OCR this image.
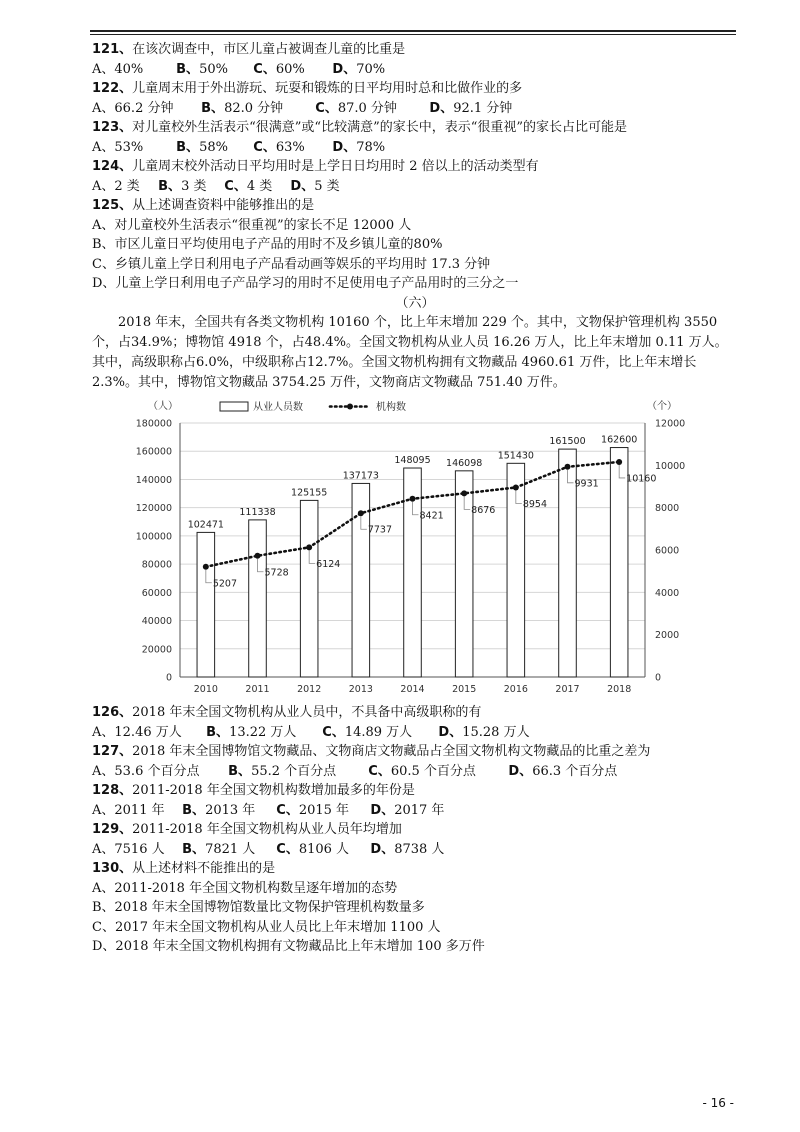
121、在该次调查中，市区儿童占被调查儿童的比重是
A、40%	B、50% C、60% D、70%
122、儿童周末用于外出游玩、玩耍和锻炼的日平均用时总和比做作业的多
A、66.2 分钟 B、82.0 分钟 C、87.0 分钟	D、92.1 分钟
123、对儿童校外生活表示“很满意”或“比较满意”的家长中，表示“很重视”的家长占比可能是
A、53%	B、58% C、63% D、78%
124、儿童周末校外活动日平均用时是上学日日均用时 2 倍以上的活动类型有
A、2 类 B、3 类 C、4 类 D、5 类
125、从上述调查资料中能够推出的是
A、对儿童校外生活表示“很重视”的家长不足 12000 人
B、市区儿童日平均使用电子产品的用时不及乡镇儿童的80%
C、乡镇儿童上学日利用电子产品看动画等娱乐的平均用时 17.3 分钟
D、儿童上学日利用电子产品学习的用时不足使用电子产品用时的三分之一
（六）
2018 年末，全国共有各类文物机构 10160 个，比上年末增加 229 个。其中，文物保护管理机构 3550 个，占34.9%；博物馆 4918 个，占48.4%。全国文物机构从业人员 16.26 万人，比上年末增加 0.11 万人。其中，高级职称占6.0%，中级职称占12.7%。全国文物机构拥有文物藏品 4960.61 万件，比上年末增长2.3%。其中，博物馆文物藏品 3754.25 万件，文物商店文物藏品 751.40 万件。
0
20000
40000
60000
80000
100000
120000
140000
160000
180000
0
2000
4000
6000
8000
10000
12000
（人）	（个）
102471
111338
125155
137173
148095 146098
151430
161500 162600
2010	2011	2012	2013	2014	2015	2016	2017	2018
5207
5728
6124
7737
8421	8676
8954
9931	10160
从业人员数	机构数
126、2018 年末全国文物机构从业人员中，不具备中高级职称的有
A、12.46 万人 B、13.22 万人 C、14.89 万人 D、15.28 万人
127、2018 年末全国博物馆文物藏品、文物商店文物藏品占全国文物机构文物藏品的比重之差为
A、53.6 个百分点 B、55.2 个百分点 C、60.5 个百分点	D、66.3 个百分点
128、2011-2018 年全国文物机构数增加最多的年份是
A、2011 年 B、2013 年 C、2015 年 D、2017 年
129、2011-2018 年全国文物机构从业人员年均增加
A、7516 人 B、7821 人 C、8106 人 D、8738 人
130、从上述材料不能推出的是
A、2011-2018 年全国文物机构数呈逐年增加的态势
B、2018 年末全国博物馆数量比文物保护管理机构数量多
C、2017 年末全国文物机构从业人员比上年末增加 1100 人
D、2018 年末全国文物机构拥有文物藏品比上年末增加 100 多万件
- 16 -
